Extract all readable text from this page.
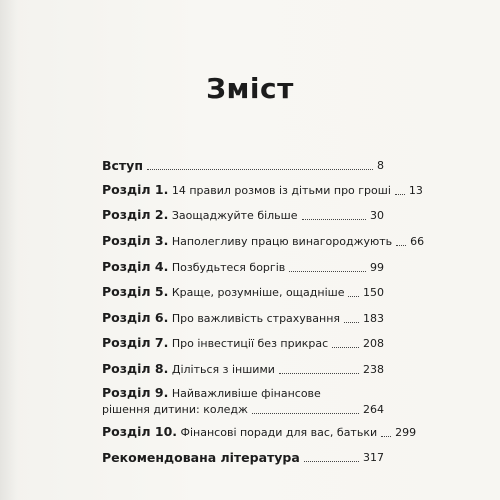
Зміст
Вступ	8
Розділ 1. 14 правил розмов із дітьми про гроші 13
Розділ 2. Заощаджуйте більше	30
Розділ 3. Наполегливу працю винагороджують 66
Розділ 4. Позбудьтеся боргів	99
Розділ 5. Краще, розумніше, ощадніше 150
Розділ 6. Про важливість страхування 183
Розділ 7. Про інвестиції без прикрас	208
Розділ 8. Діліться з іншими	238
Розділ 9. Найважливіше фінансове
рішення дитини: коледж	264
Розділ 10. Фінансові поради для вас, батьки 299
Рекомендована література	317
